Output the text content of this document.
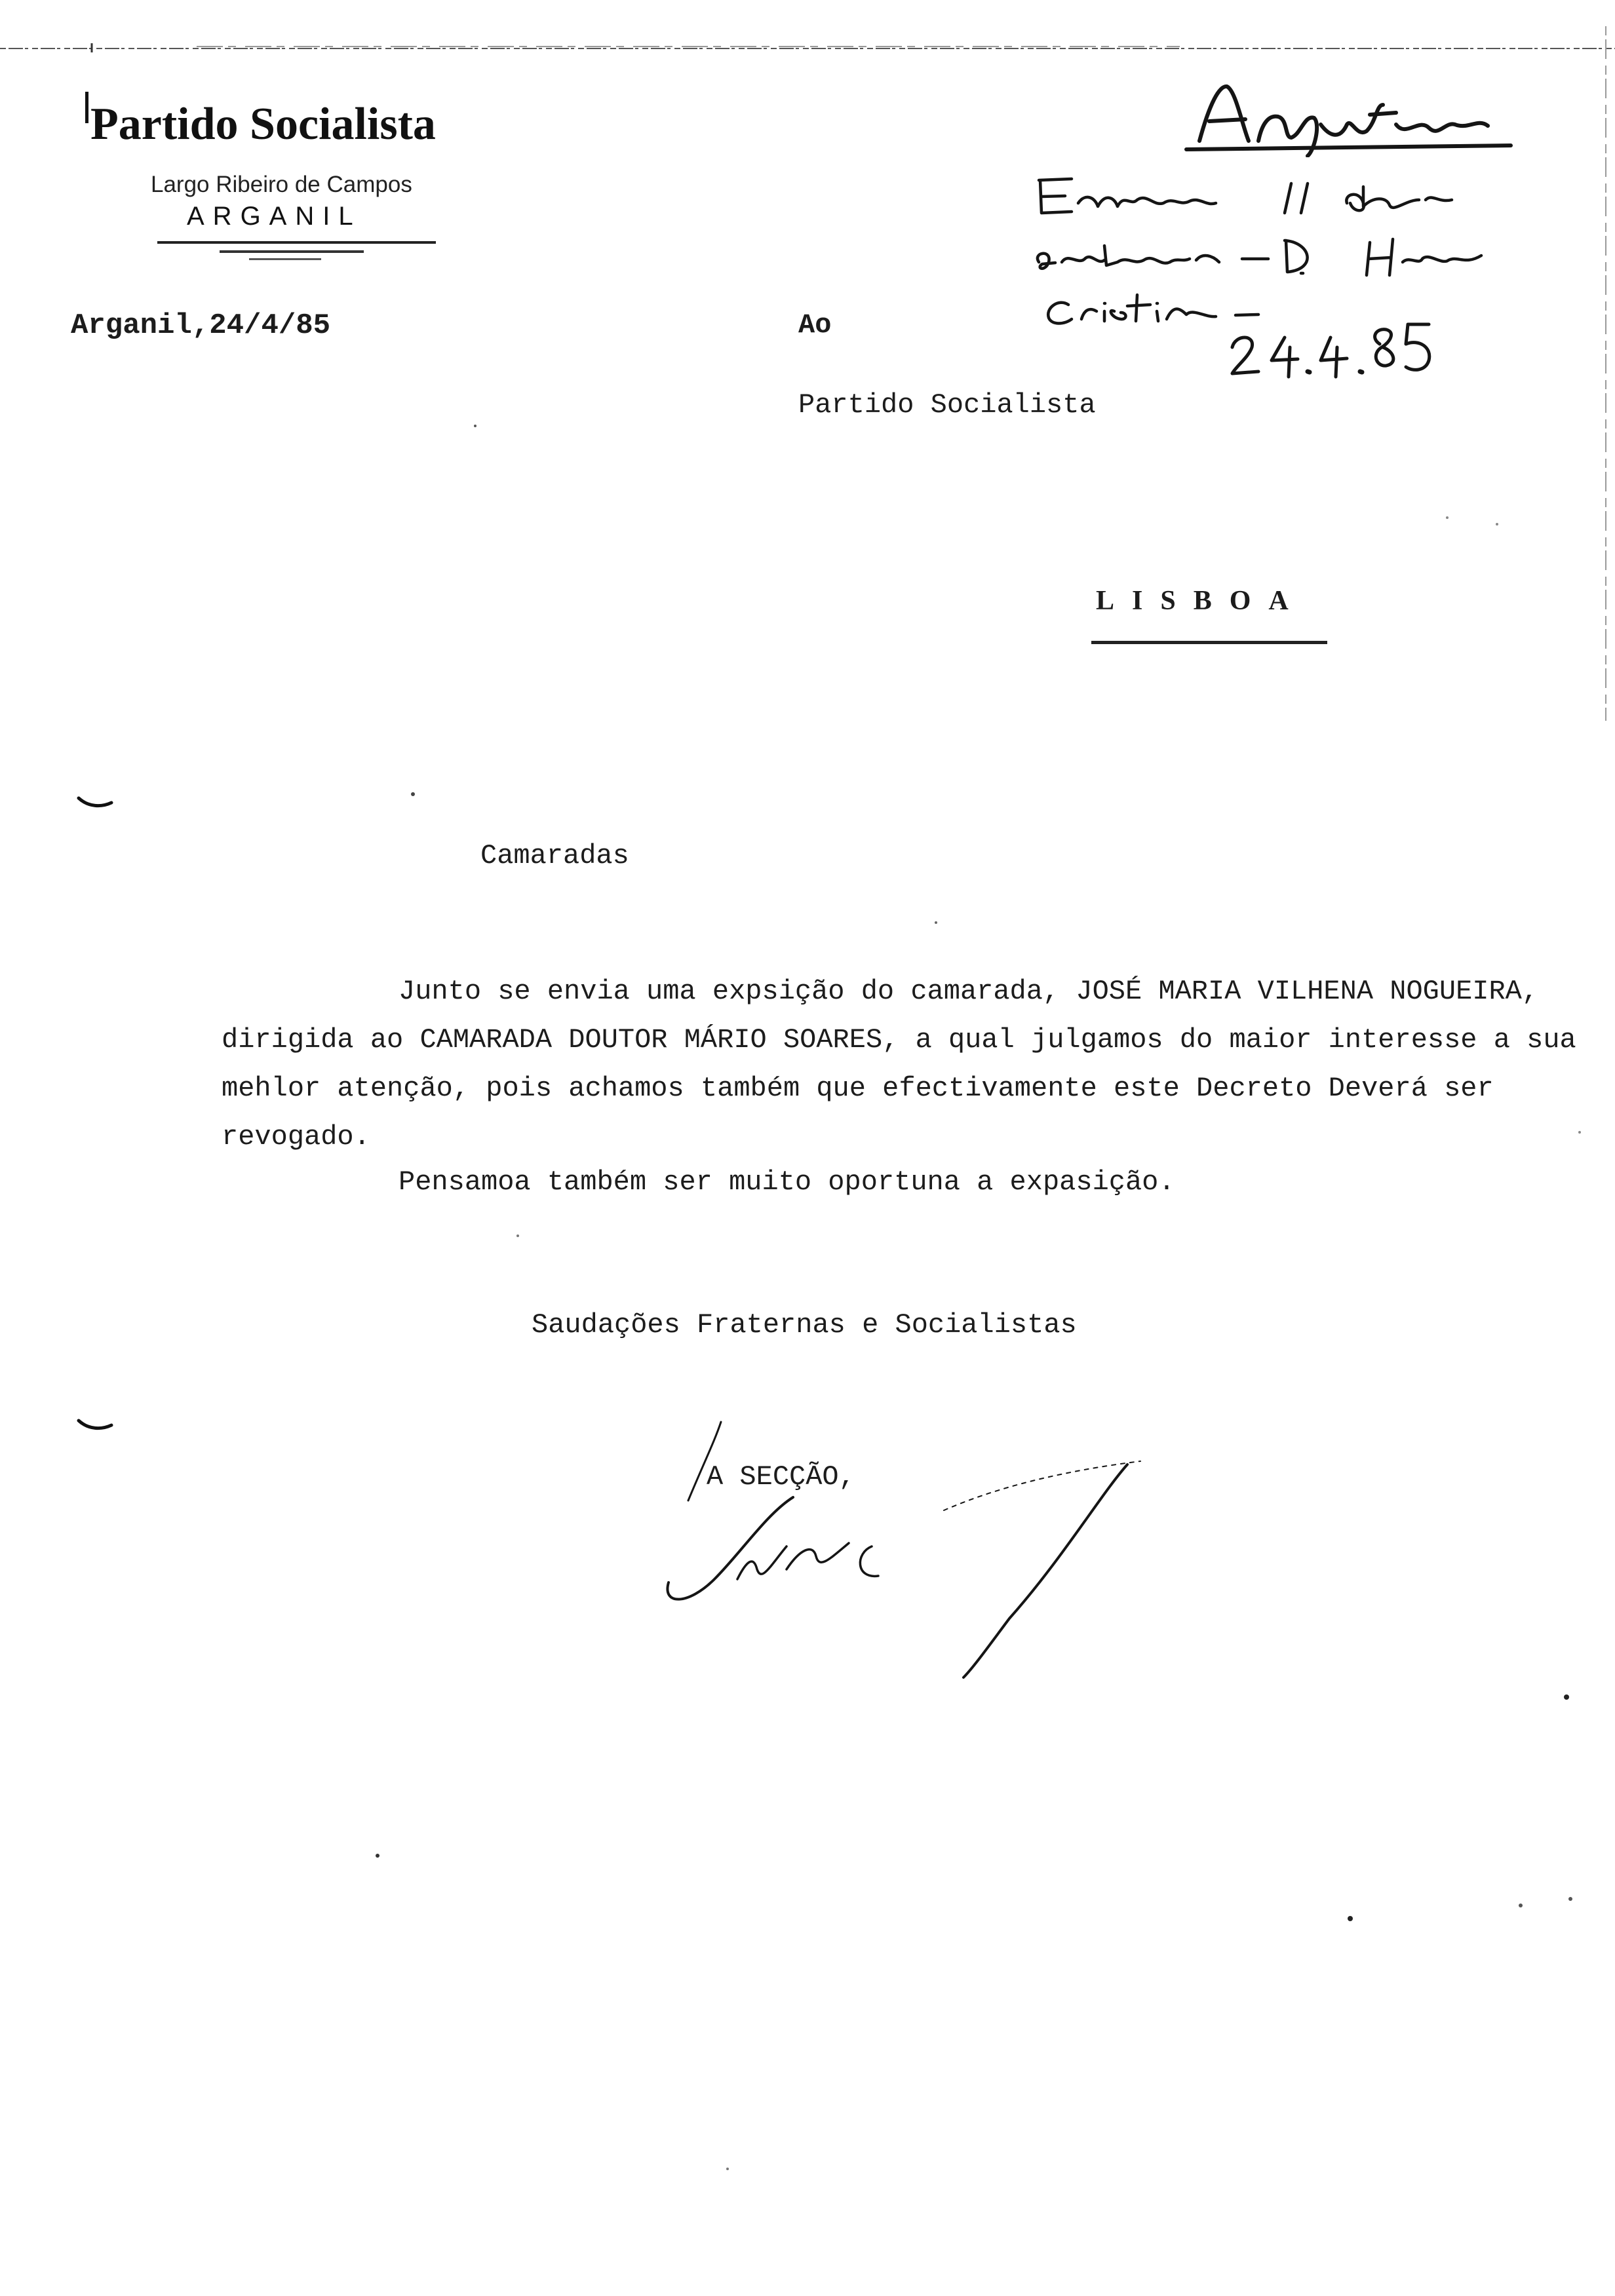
Partido Socialista
Largo Ribeiro de Campos
ARGANIL
Arganil,24/4/85	Ao
Partido Socialista
LISBOA
Camaradas
Junto se envia uma expsição do camarada, JOSÉ MARIA VILHENA NOGUEIRA, dirigida ao CAMARADA DOUTOR MÁRIO SOARES, a qual julgamos do maior interesse a sua mehlor atenção, pois achamos também que efectivamente este Decreto Deverá ser revogado.
Pensamoa também ser muito oportuna a expasição.
Saudações Fraternas e Socialistas
A SECÇÃO,
